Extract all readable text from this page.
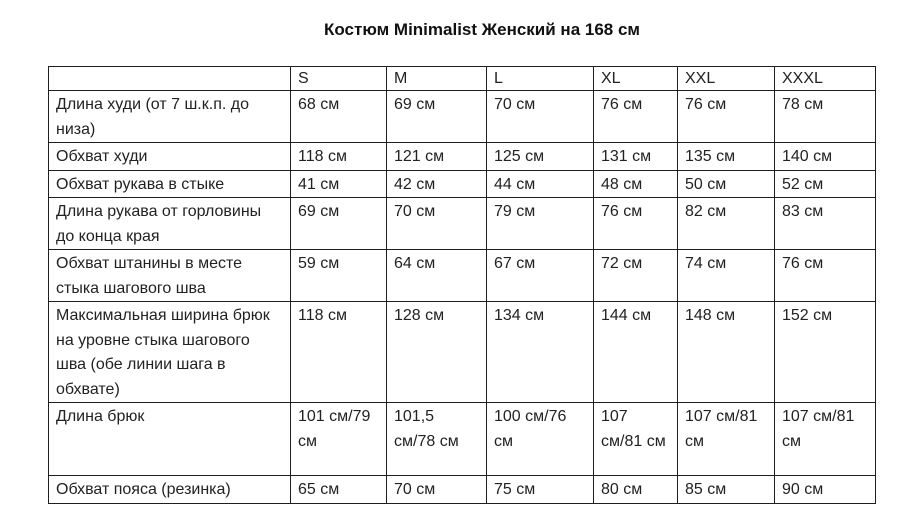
Костюм Minimalist Женский на 168 см
	S	M	L	XL	XXL	XXXL
Длина худи (от 7 ш.к.п. до низа)	68 см	69 см	70 см	76 см	76 см	78 см
Обхват худи	118 см	121 см	125 см	131 см	135 см	140 см
Обхват рукава в стыке	41 см	42 см	44 см	48 см	50 см	52 см
Длина рукава от горловины до конца края	69 см	70 см	79 см	76 см	82 см	83 см
Обхват штанины в месте стыка шагового шва	59 см	64 см	67 см	72 см	74 см	76 см
Максимальная ширина брюк на уровне стыка шагового шва (обе линии шага в обхвате)	118 см	128 см	134 см	144 см	148 см	152 см
Длина брюк	101 см/79 см	101,5 см/78 см	100 см/76 см	107 см/81 см	107 см/81 см	107 см/81 см
Обхват пояса (резинка)	65 см	70 см	75 см	80 см	85 см	90 см
